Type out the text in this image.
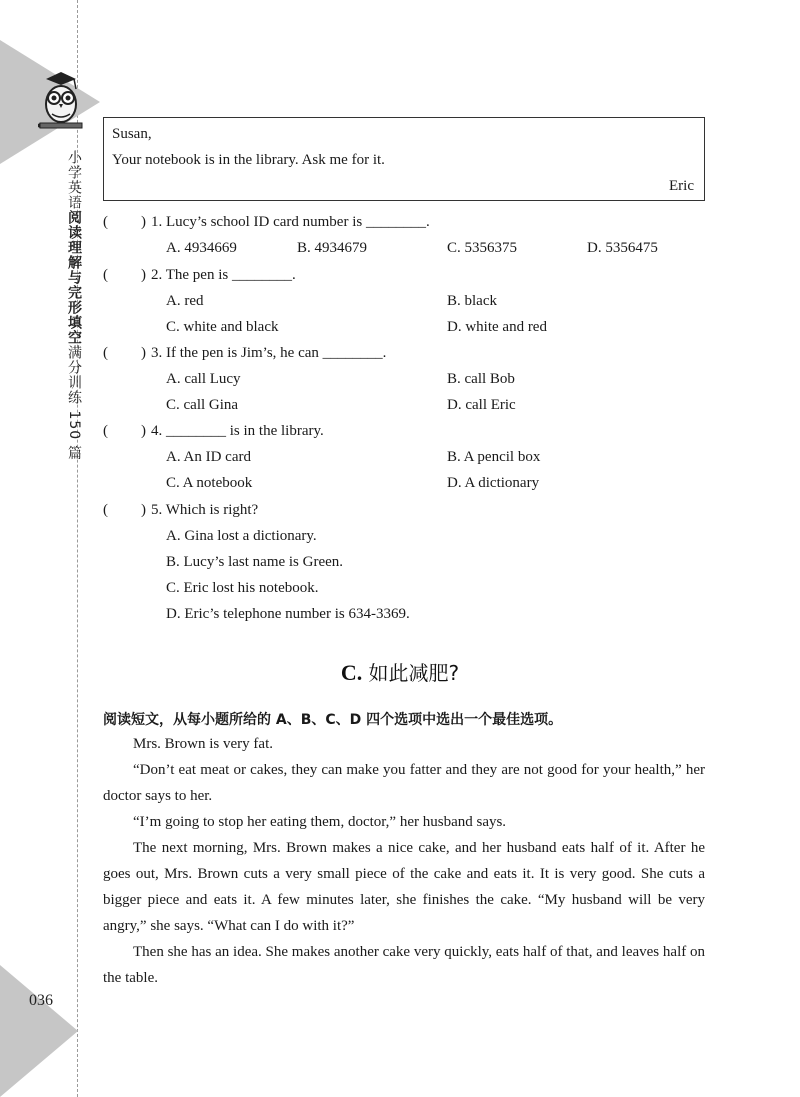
小学英语阅读理解与完形填空满分训练 150 篇
036
Susan,
Your notebook is in the library. Ask me for it.
Eric
( ) 1. Lucy’s school ID card number is ________.
A. 4934669	B. 4934679	C. 5356375	D. 5356475
( ) 2. The pen is ________.
A. red	B. black
C. white and black	D. white and red
( ) 3. If the pen is Jim’s, he can ________.
A. call Lucy	B. call Bob
C. call Gina	D. call Eric
( ) 4. ________ is in the library.
A. An ID card	B. A pencil box
C. A notebook	D. A dictionary
( ) 5. Which is right?
A. Gina lost a dictionary.
B. Lucy’s last name is Green.
C. Eric lost his notebook.
D. Eric’s telephone number is 634-3369.
C. 如此减肥?
阅读短文，从每小题所给的 A、B、C、D 四个选项中选出一个最佳选项。
Mrs. Brown is very fat.
“Don’t eat meat or cakes, they can make you fatter and they are not good for your health,” her doctor says to her.
“I’m going to stop her eating them, doctor,” her husband says.
The next morning, Mrs. Brown makes a nice cake, and her husband eats half of it. After he goes out, Mrs. Brown cuts a very small piece of the cake and eats it. It is very good. She cuts a bigger piece and eats it. A few minutes later, she finishes the cake. “My husband will be very angry,” she says. “What can I do with it?”
Then she has an idea. She makes another cake very quickly, eats half of that, and leaves half on the table.
